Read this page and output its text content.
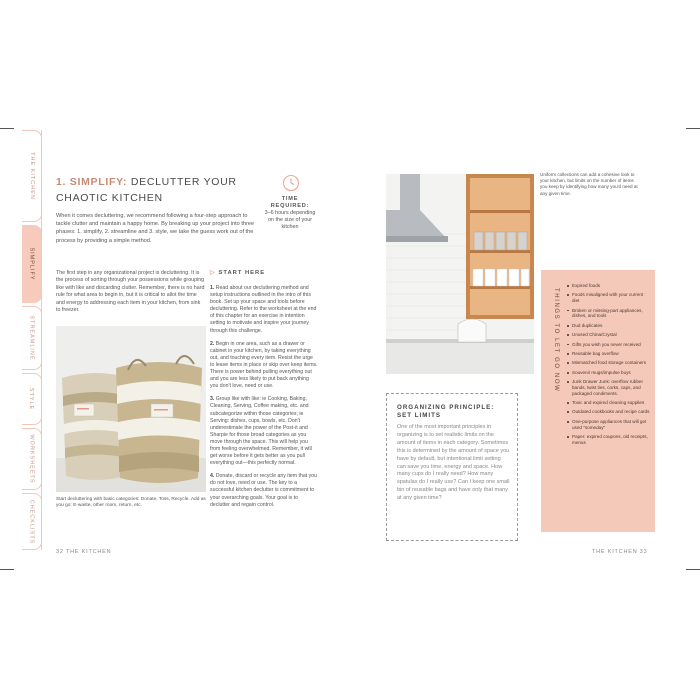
THE KITCHEN
SIMPLIFY
STREAMLINE
STYLE
WORKSHEETS
CHECKLISTS
1. SIMPLIFY: DECLUTTER YOUR
CHAOTIC KITCHEN

When it comes decluttering, we recommend following a four-step approach to tackle clutter and maintain a happy home. By breaking up your project into three phases: 1. simplify, 2. streamline and 3. style, we take the guess work out of the process by providing a simple method.

TIME
REQUIRED:
3–6 hours depending on the size of your kitchen

The first step in any organizational project is decluttering. It is the process of sorting through your possessions while grouping like with like and discarding clutter. Remember, there is no hard rule for what area to begin in, but it is critical to allot the time and energy to addressing each item in your kitchen, from sink to freezer.

Start decluttering with basic categories: Donate, Toss, Recycle. Add as you go: E-waste, other room, return, etc.

▷ START HERE

1. Read about our decluttering method and setup instructions outlined in the intro of this book. Set up your space and tools before decluttering. Refer to the worksheet at the end of this chapter for an exercise in intention setting to motivate and inspire your journey through this challenge.

2. Begin in one area, such as a drawer or cabinet in your kitchen, by taking everything out, and touching every item. Resist the urge to leave items in place or skip over keep items. There is power behind pulling everything out and you are less likely to put back anything you don't love, need or use.

3. Group like with like: ie Cooking, Baking, Cleaning, Serving, Coffee making, etc. and subcategorize within those categories; ie Serving: dishes, cups, bowls, etc. Don't underestimate the power of the Post-it and Sharpie for those broad categories as you move through the space. This will help you from feeling overwhelmed. Remember, it will get worse before it gets better as you pull everything out—this perfectly normal.

4. Donate, discard or recycle any item that you do not love, need or use. The key to a successful kitchen declutter is commitment to your overarching goals. Your goal is to declutter and regain control.

32 THE KITCHEN

Uniform collections can add a cohesive look to your kitchen, but limits on the number of items you keep by identifying how many you'd need at any given time.

THINGS TO LET GO NOW
Expired foods
Foods misaligned with your current diet
Broken or missing-part appliances, dishes, and tools
Dud duplicates
Unused China/Crystal
Gifts you wish you never received
Reusable bag overflow
Mismatched food storage containers
Souvenir mugs/impulse buys
Junk Drawer Junk: overflow rubber bands, twist ties, corks, caps, and packaged condiments.
Toxic and expired cleaning supplies
Outdated cookbooks and recipe cards
One-purpose appliances that will get used "someday"
Paper: expired coupons, old receipts, menus
ORGANIZING PRINCIPLE: SET LIMITS

One of the most important principles in organizing is to set realistic limits on the amount of items in each category. Sometimes this is determined by the amount of space you have by default, but intentional limit setting can save you time, energy and space. How many cups do I really need? How many spatulas do I really use? Can I keep one small bin of reusable bags and have only that many at any given time?

THE KITCHEN 33
